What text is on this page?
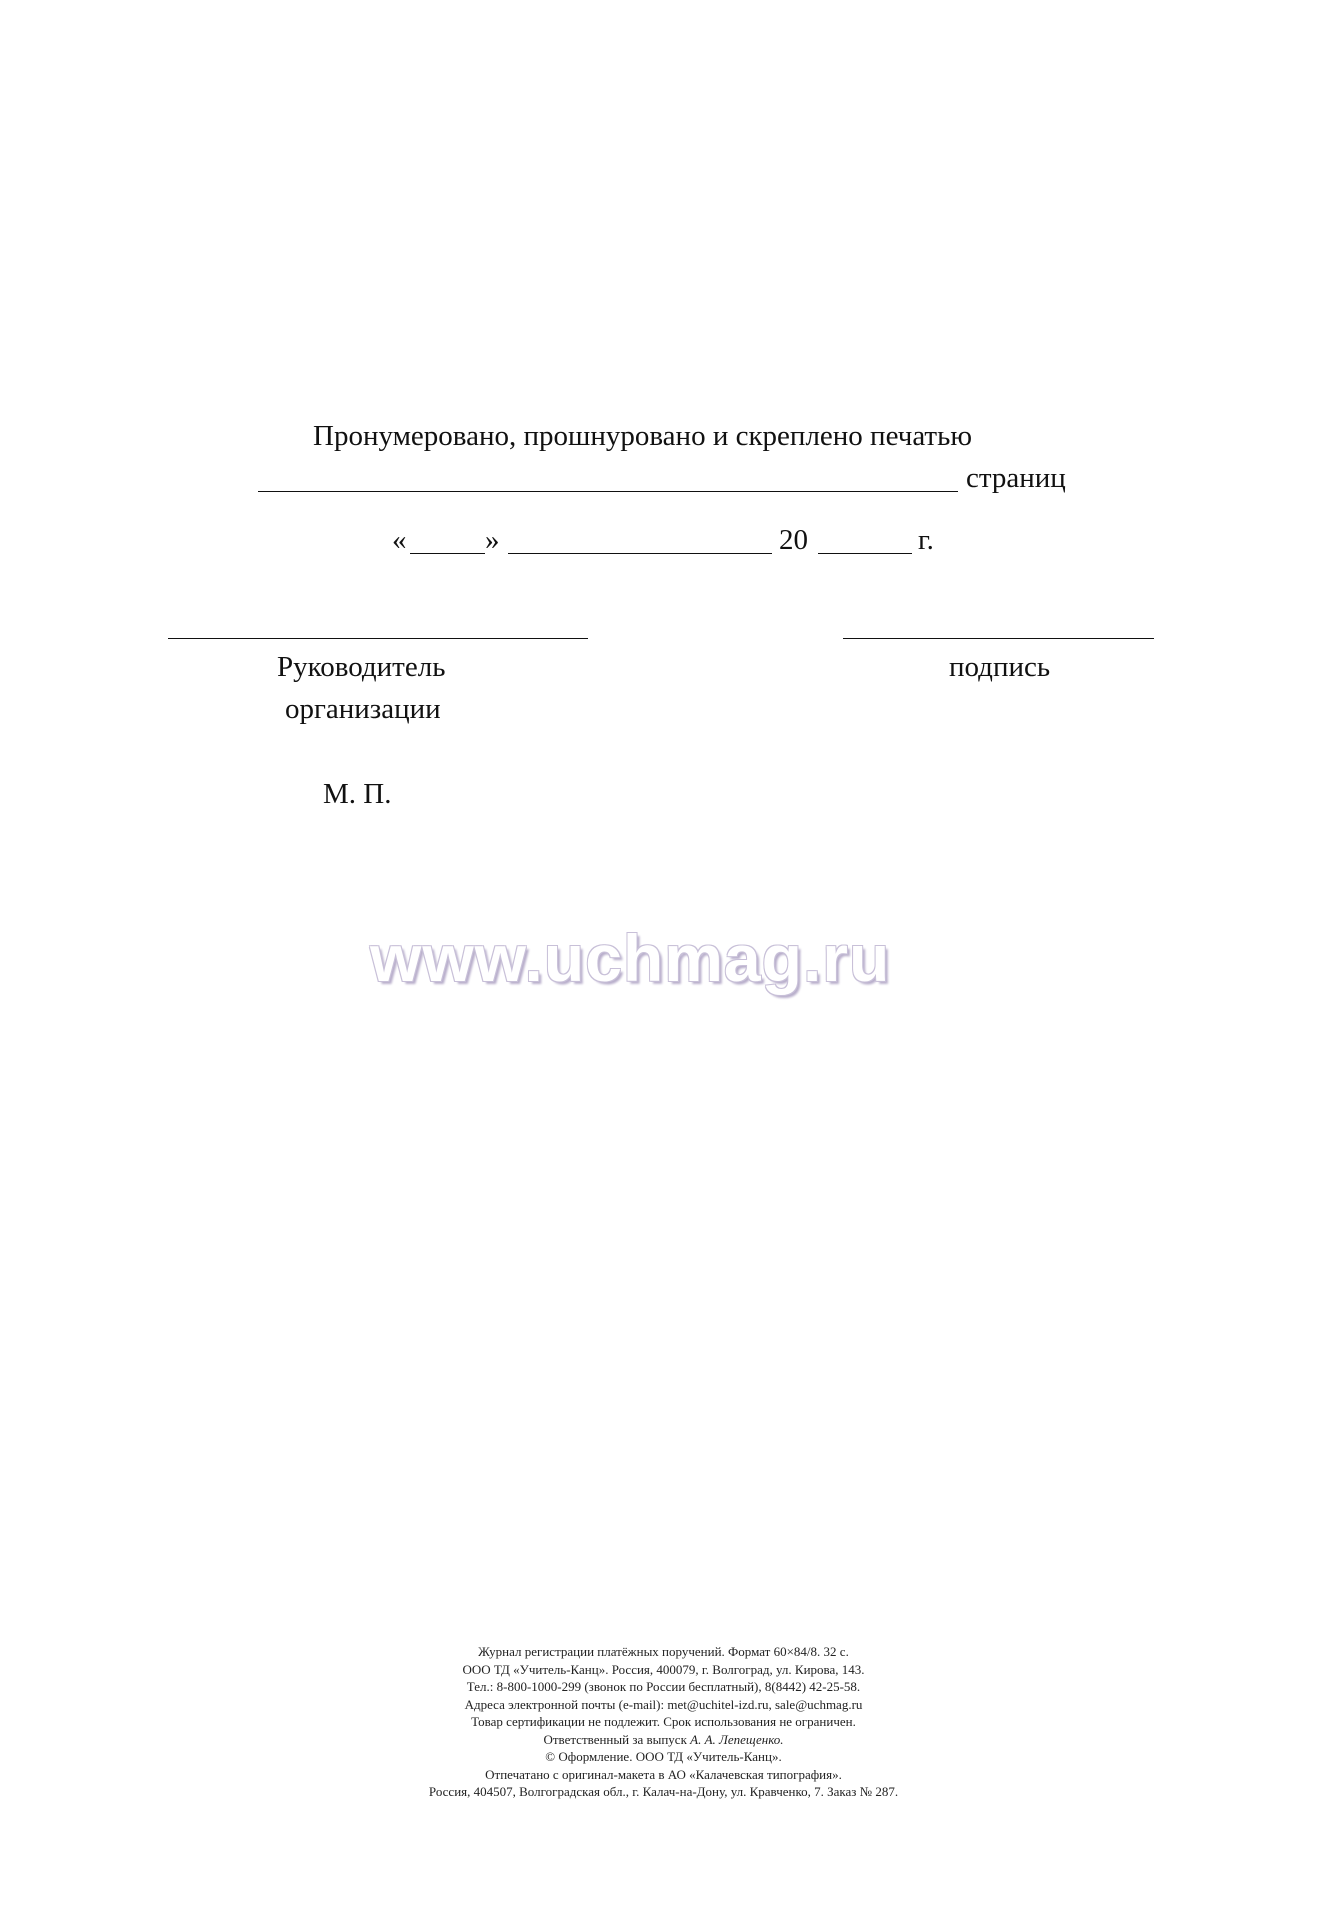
Пронумеровано, прошнуровано и скреплено печатью
страниц
«	»	20	г.
Руководитель
организации
подпись
М. П.
www.uchmag.ru
Журнал регистрации платёжных поручений. Формат 60×84/8. 32 с.
ООО ТД «Учитель-Канц». Россия, 400079, г. Волгоград, ул. Кирова, 143.
Тел.: 8-800-1000-299 (звонок по России бесплатный), 8(8442) 42-25-58.
Адреса электронной почты (e-mail): met@uchitel-izd.ru, sale@uchmag.ru
Товар сертификации не подлежит. Срок использования не ограничен.
Ответственный за выпуск А. А. Лепещенко.
© Оформление. ООО ТД «Учитель-Канц».
Отпечатано с оригинал-макета в АО «Калачевская типография».
Россия, 404507, Волгоградская обл., г. Калач-на-Дону, ул. Кравченко, 7. Заказ № 287.
